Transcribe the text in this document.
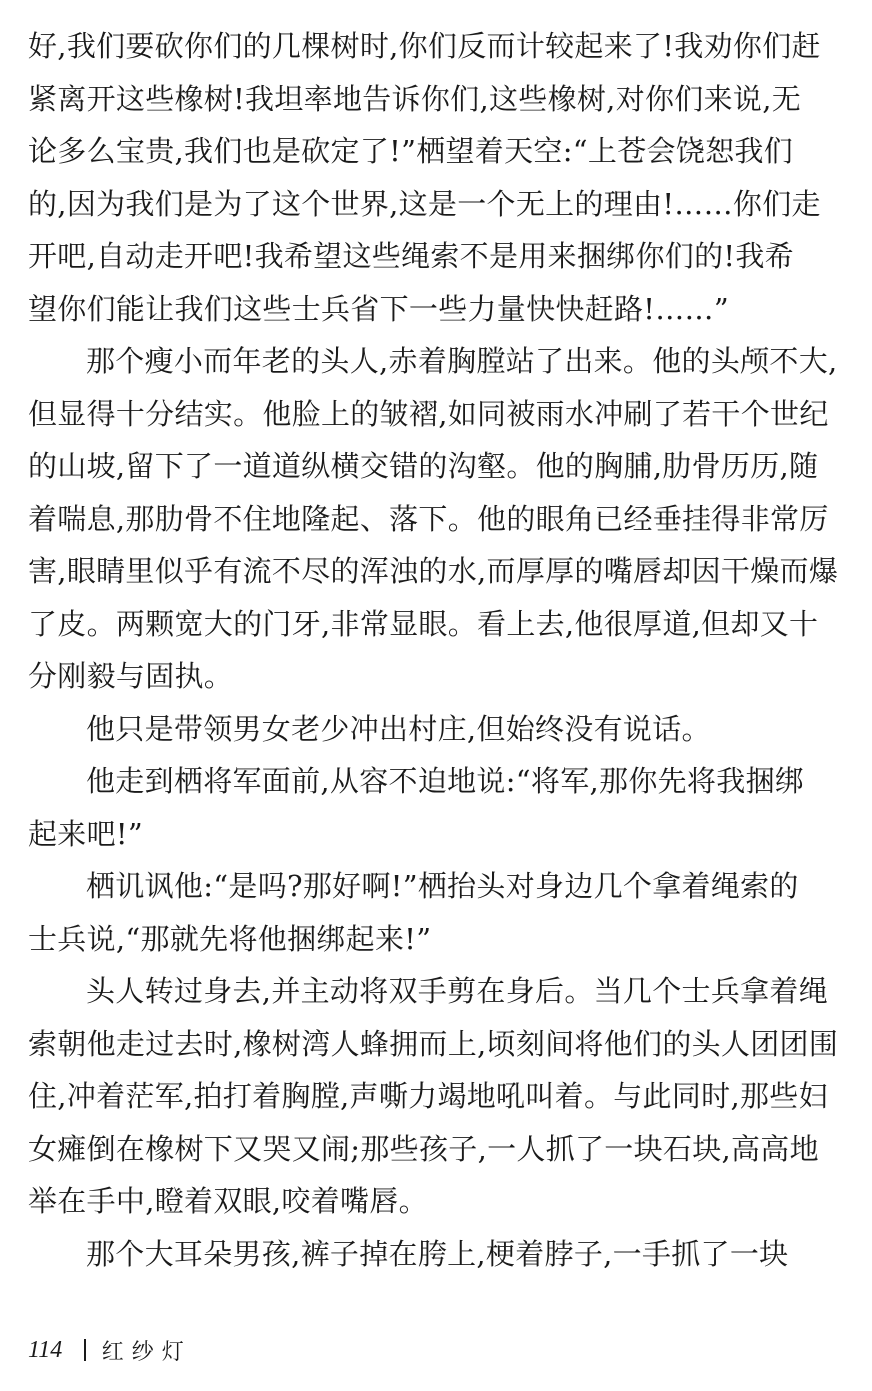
好,我们要砍你们的几棵树时,你们反而计较起来了!我劝你们赶
紧离开这些橡树!我坦率地告诉你们,这些橡树,对你们来说,无
论多么宝贵,我们也是砍定了!”栖望着天空:“上苍会饶恕我们
的,因为我们是为了这个世界,这是一个无上的理由!……你们走
开吧,自动走开吧!我希望这些绳索不是用来捆绑你们的!我希
望你们能让我们这些士兵省下一些力量快快赶路!……”
那个瘦小而年老的头人,赤着胸膛站了出来。他的头颅不大,
但显得十分结实。他脸上的皱褶,如同被雨水冲刷了若干个世纪
的山坡,留下了一道道纵横交错的沟壑。他的胸脯,肋骨历历,随
着喘息,那肋骨不住地隆起、落下。他的眼角已经垂挂得非常厉
害,眼睛里似乎有流不尽的浑浊的水,而厚厚的嘴唇却因干燥而爆
了皮。两颗宽大的门牙,非常显眼。看上去,他很厚道,但却又十
分刚毅与固执。
他只是带领男女老少冲出村庄,但始终没有说话。
他走到栖将军面前,从容不迫地说:“将军,那你先将我捆绑
起来吧!”
栖讥讽他:“是吗?那好啊!”栖抬头对身边几个拿着绳索的
士兵说,“那就先将他捆绑起来!”
头人转过身去,并主动将双手剪在身后。当几个士兵拿着绳
索朝他走过去时,橡树湾人蜂拥而上,顷刻间将他们的头人团团围
住,冲着茫军,拍打着胸膛,声嘶力竭地吼叫着。与此同时,那些妇
女瘫倒在橡树下又哭又闹;那些孩子,一人抓了一块石块,高高地
举在手中,瞪着双眼,咬着嘴唇。
那个大耳朵男孩,裤子掉在胯上,梗着脖子,一手抓了一块
114 红纱灯
